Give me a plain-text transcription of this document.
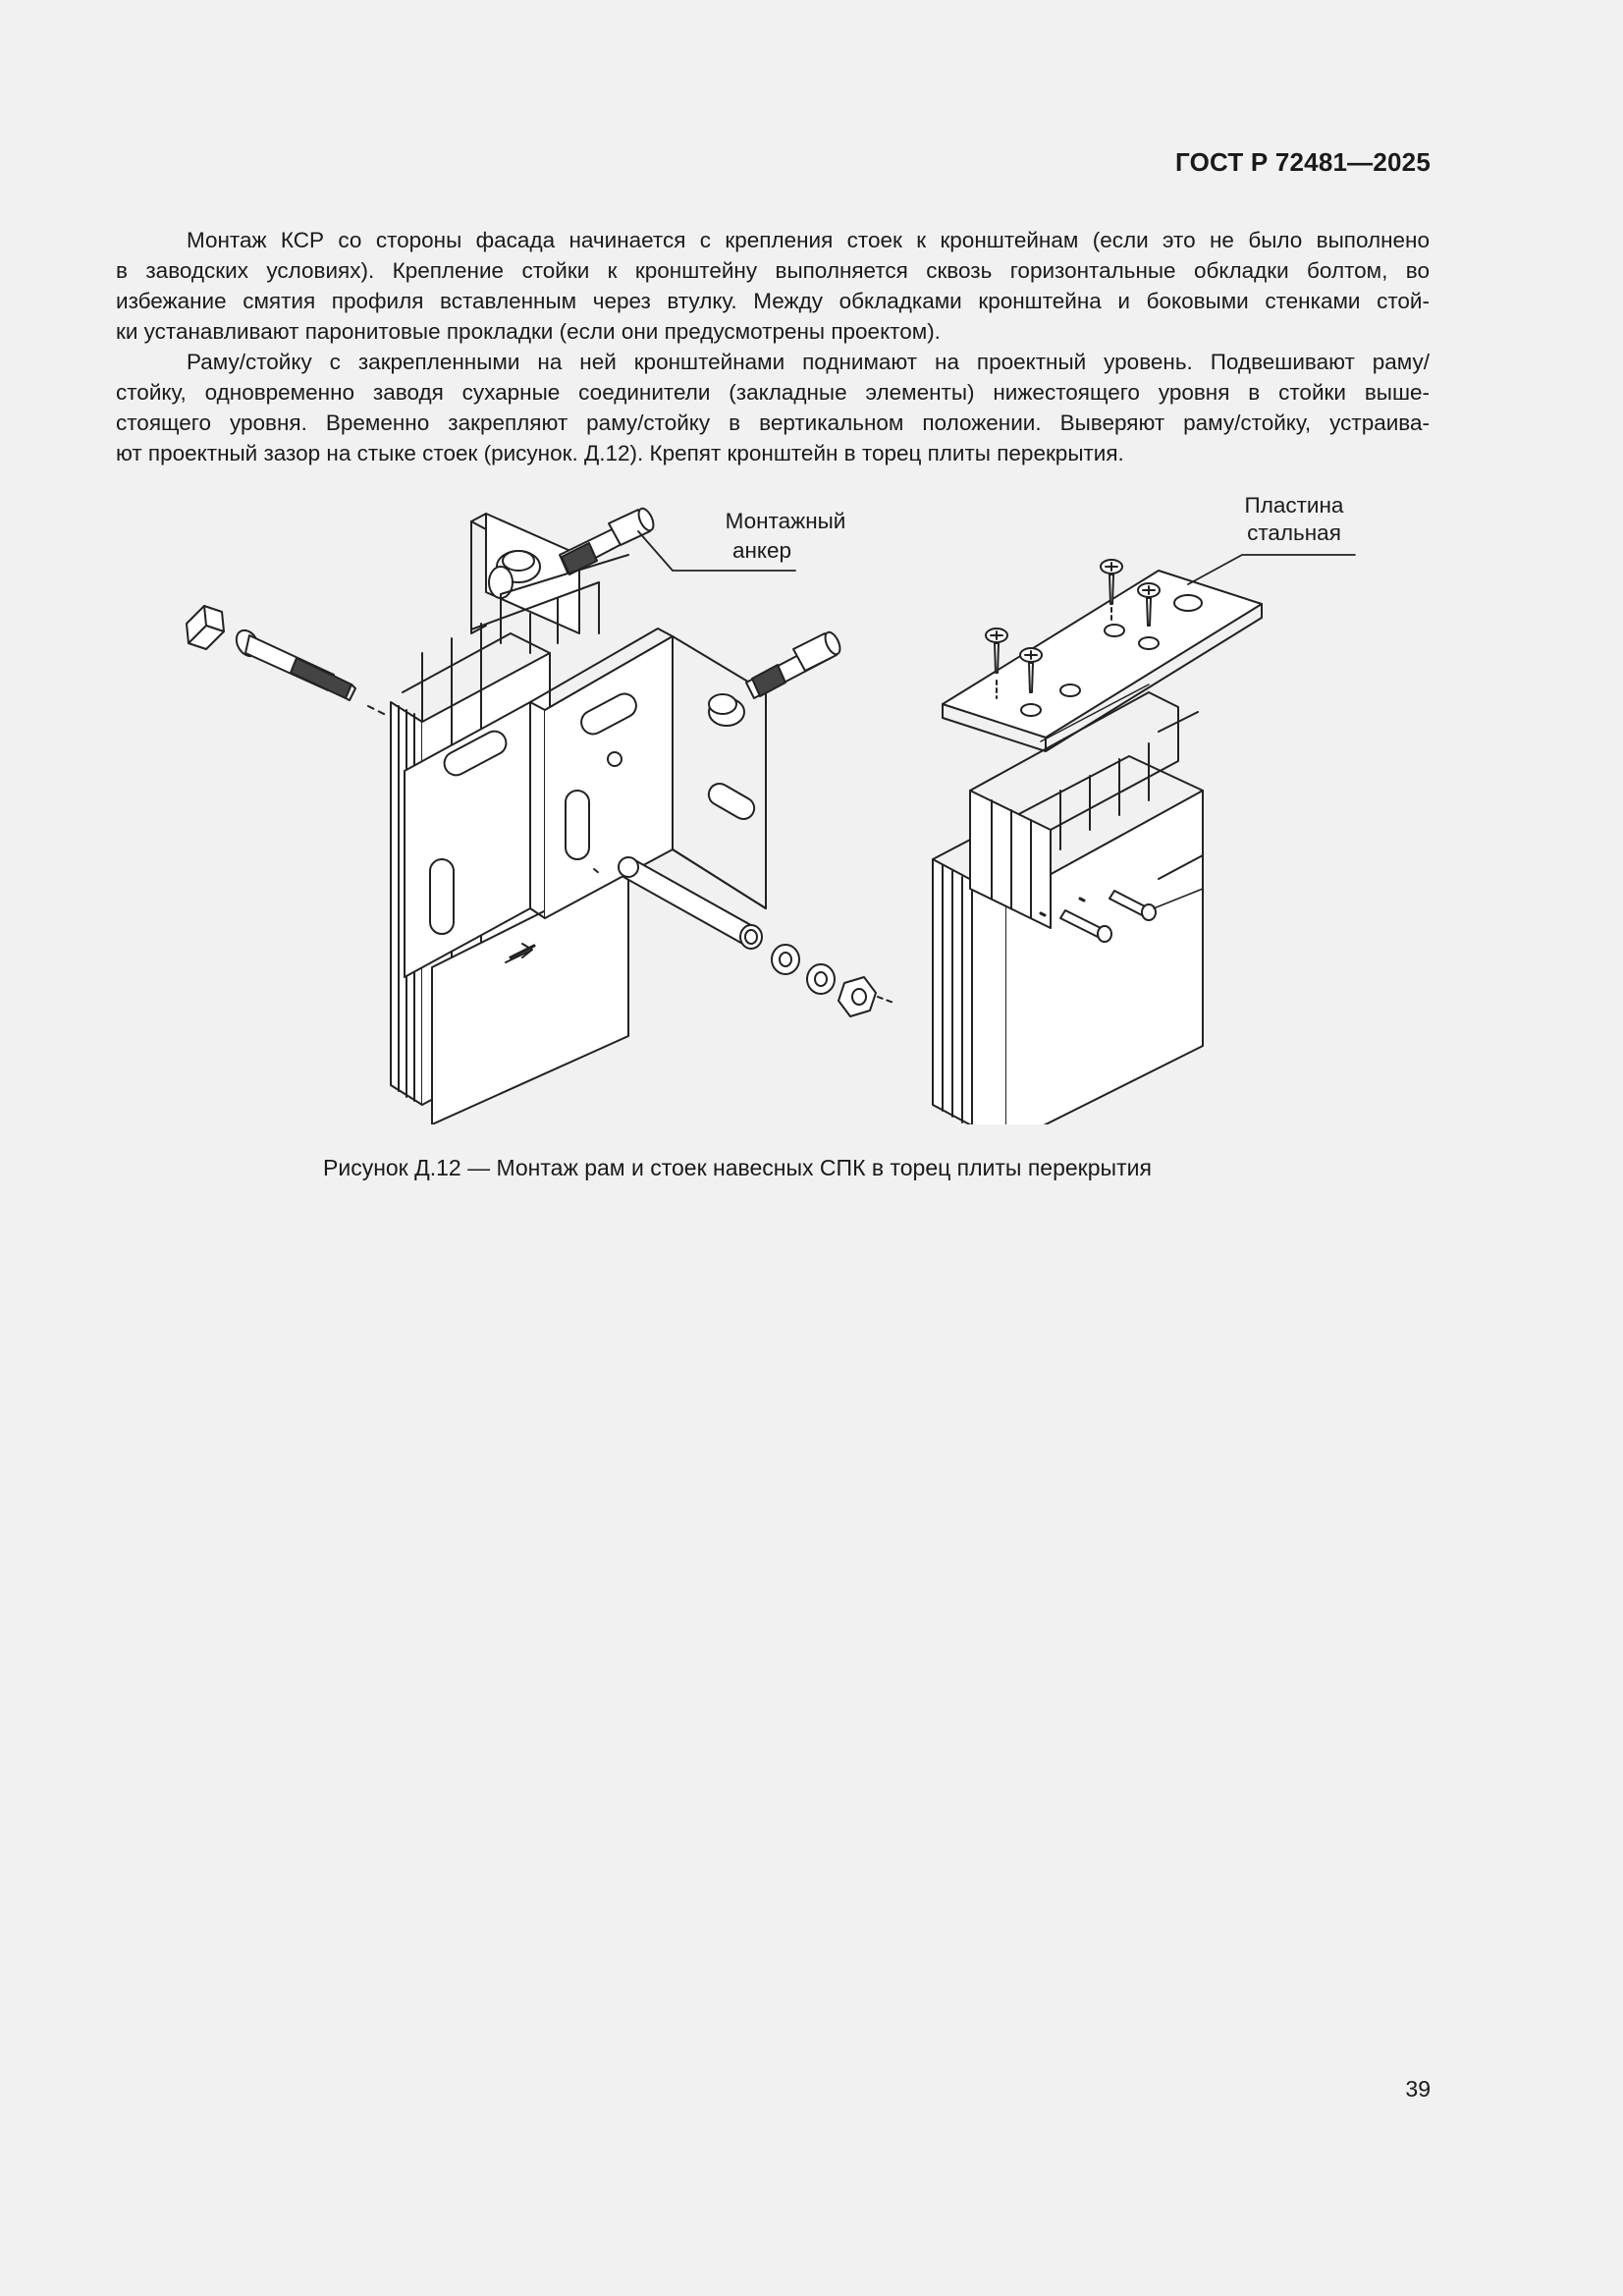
ГОСТ Р 72481—2025

Монтаж КСР со стороны фасада начинается с крепления стоек к кронштейнам (если это не было выполнено
в заводских условиях). Крепление стойки к кронштейну выполняется сквозь горизонтальные обкладки болтом, во
избежание смятия профиля вставленным через втулку. Между обкладками кронштейна и боковыми стенками стой-
ки устанавливают паронитовые прокладки (если они предусмотрены проектом).

Раму/стойку с закрепленными на ней кронштейнами поднимают на проектный уровень. Подвешивают раму/
стойку, одновременно заводя сухарные соединители (закладные элементы) нижестоящего уровня в стойки выше-
стоящего уровня. Временно закрепляют раму/стойку в вертикальном положении. Выверяют раму/стойку, устраива-
ют проектный зазор на стыке стоек (рисунок. Д.12). Крепят кронштейн в торец плиты перекрытия.

Монтажный
анкер
Пластина
стальная
Рисунок Д.12 — Монтаж рам и стоек навесных СПК в торец плиты перекрытия
39
